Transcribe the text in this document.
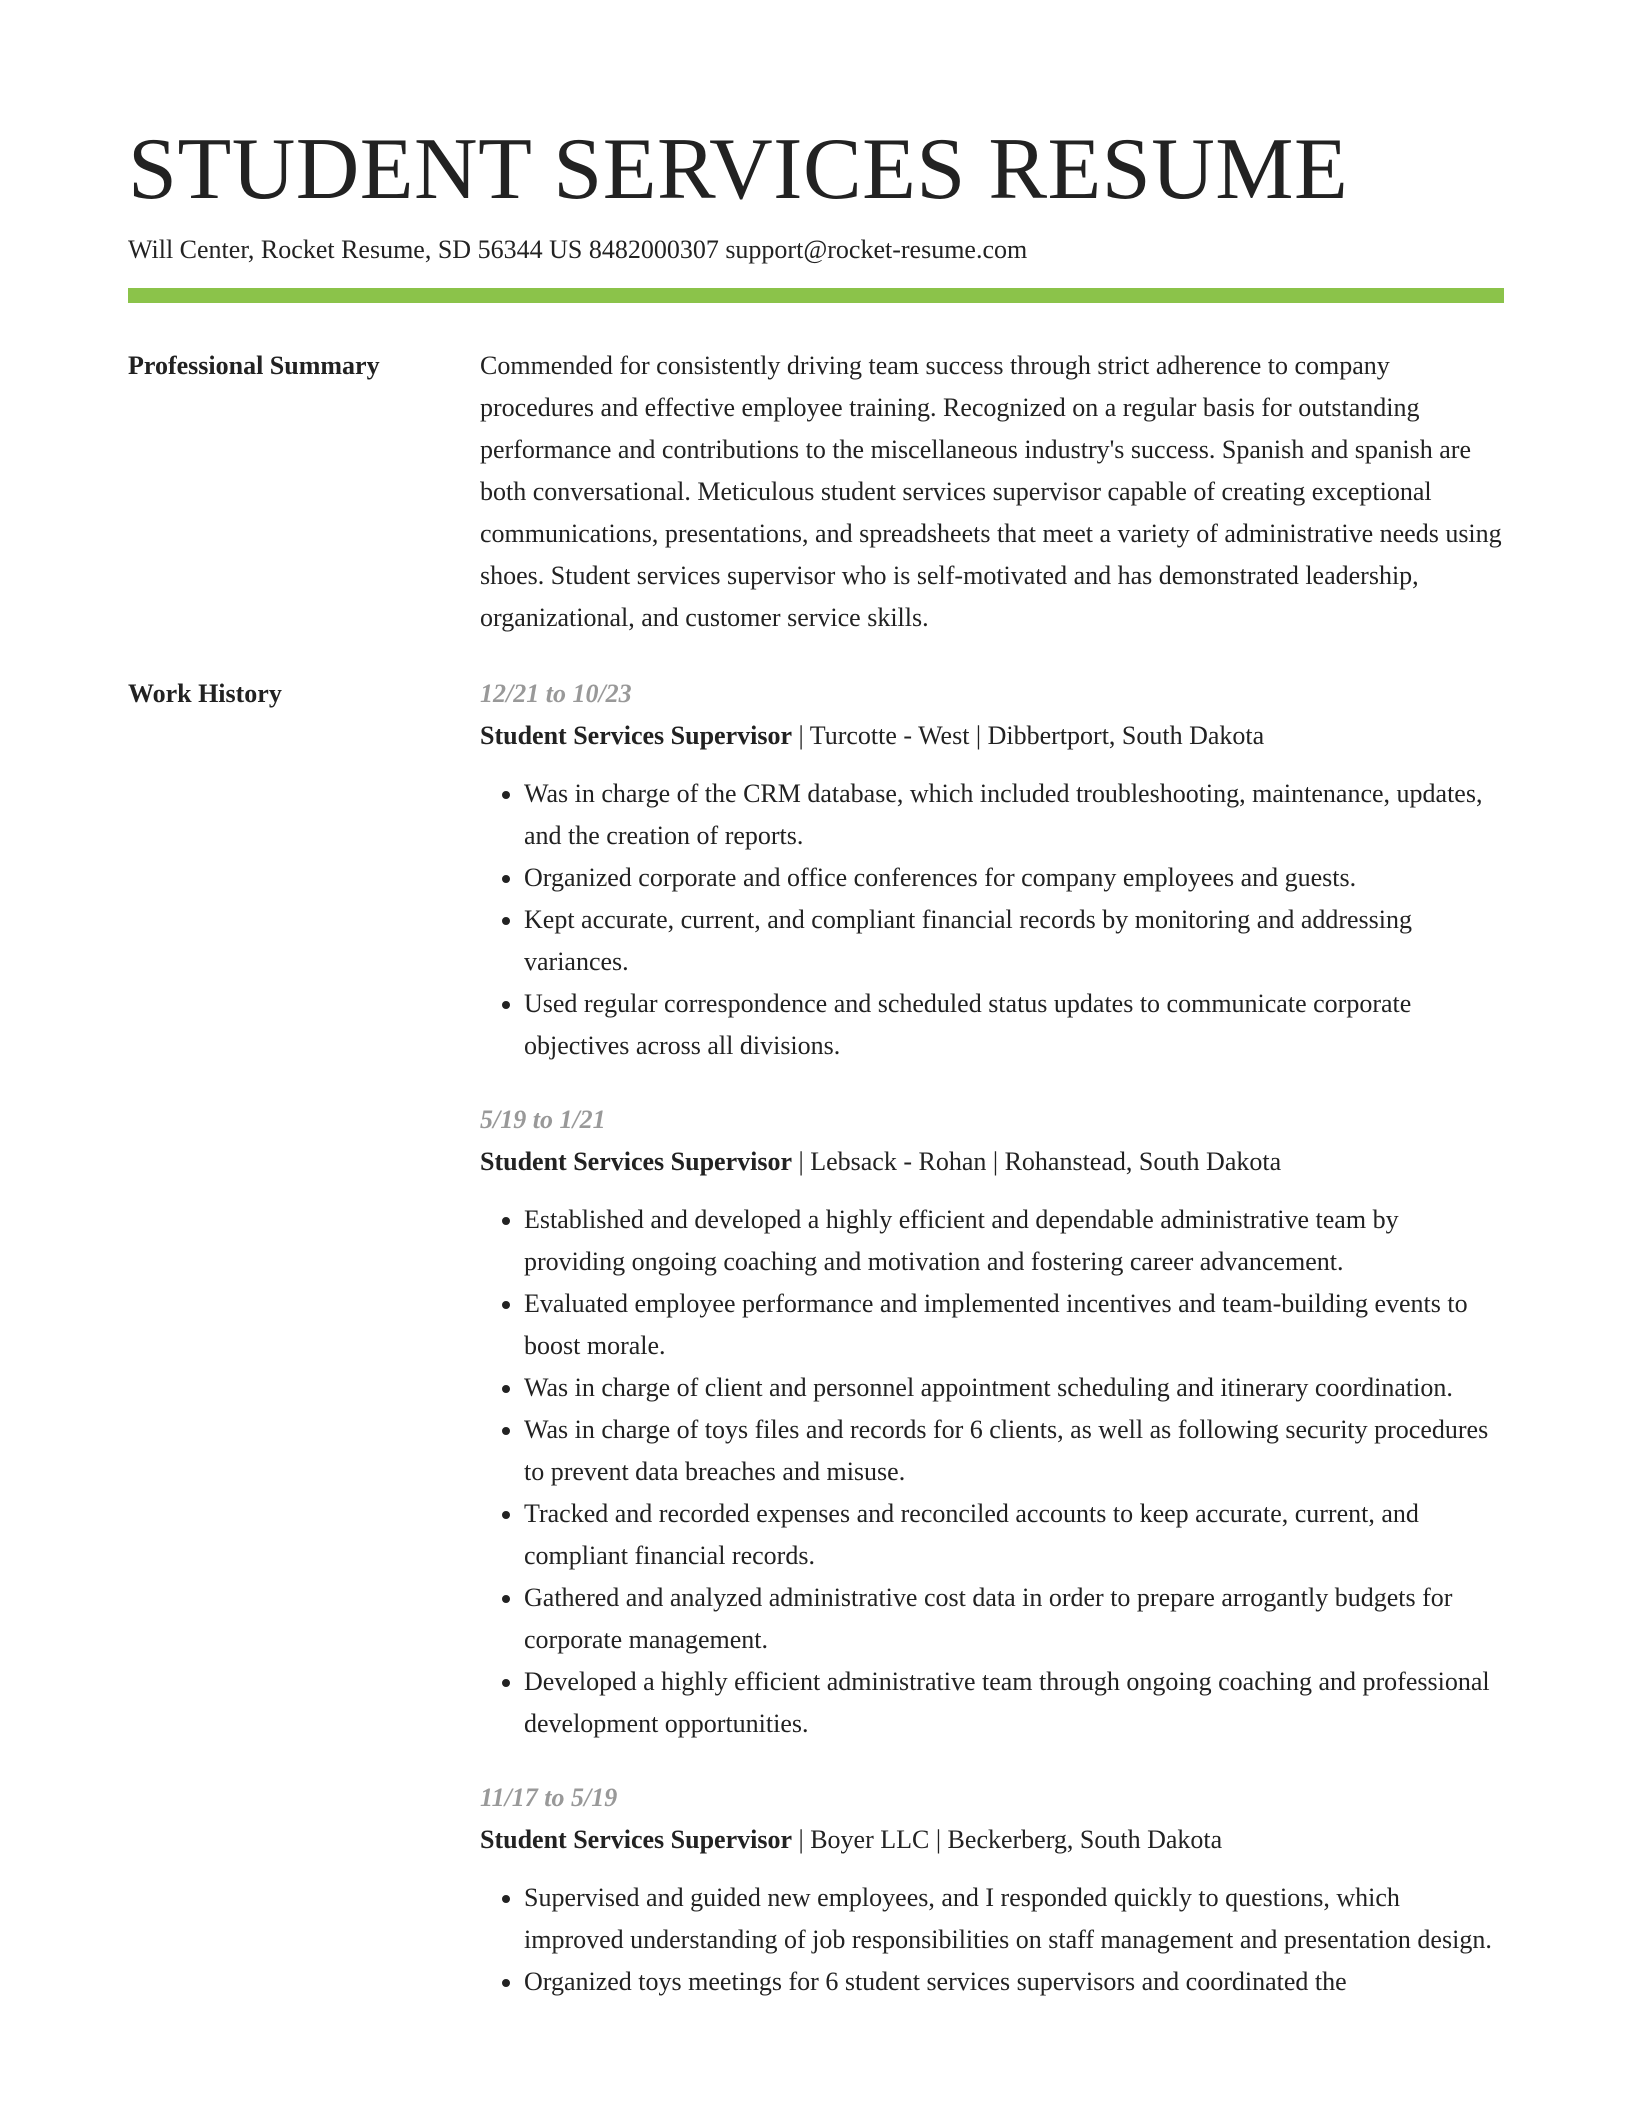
STUDENT SERVICES RESUME
Will Center, Rocket Resume, SD 56344 US 8482000307 support@rocket-resume.com
Professional Summary	Commended for consistently driving team success through strict adherence to company procedures and effective employee training. Recognized on a regular basis for outstanding performance and contributions to the miscellaneous industry's success. Spanish and spanish are both conversational. Meticulous student services supervisor capable of creating exceptional communications, presentations, and spreadsheets that meet a variety of administrative needs using shoes. Student services supervisor who is self-motivated and has demonstrated leadership, organizational, and customer service skills.

Work History	12/21 to 10/23
Student Services Supervisor | Turcotte - West | Dibbertport, South Dakota
• Was in charge of the CRM database, which included troubleshooting, maintenance, updates, and the creation of reports.
• Organized corporate and office conferences for company employees and guests.
• Kept accurate, current, and compliant financial records by monitoring and addressing variances.
• Used regular correspondence and scheduled status updates to communicate corporate objectives across all divisions.
5/19 to 1/21
Student Services Supervisor | Lebsack - Rohan | Rohanstead, South Dakota
• Established and developed a highly efficient and dependable administrative team by providing ongoing coaching and motivation and fostering career advancement.
• Evaluated employee performance and implemented incentives and team-building events to boost morale.
• Was in charge of client and personnel appointment scheduling and itinerary coordination.
• Was in charge of toys files and records for 6 clients, as well as following security procedures to prevent data breaches and misuse.
• Tracked and recorded expenses and reconciled accounts to keep accurate, current, and compliant financial records.
• Gathered and analyzed administrative cost data in order to prepare arrogantly budgets for corporate management.
• Developed a highly efficient administrative team through ongoing coaching and professional development opportunities.
11/17 to 5/19
Student Services Supervisor | Boyer LLC | Beckerberg, South Dakota
• Supervised and guided new employees, and I responded quickly to questions, which improved understanding of job responsibilities on staff management and presentation design.
• Organized toys meetings for 6 student services supervisors and coordinated the
